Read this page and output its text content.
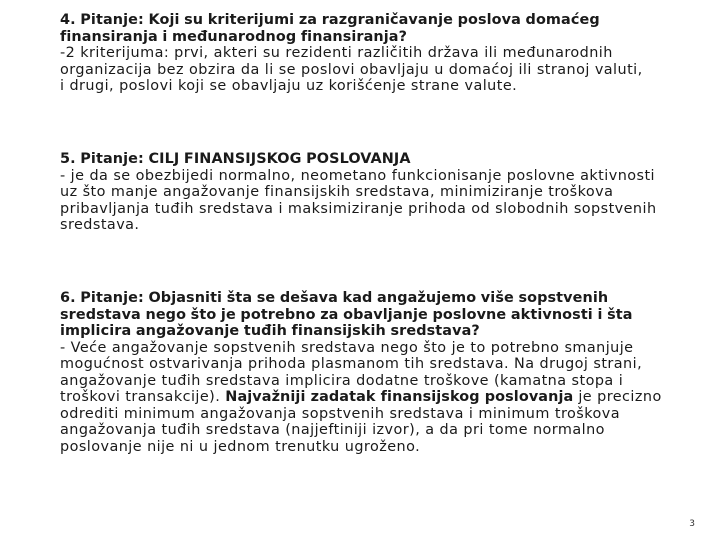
4. Pitanje: Koji su kriterijumi za razgraničavanje poslova domaćeg finansiranja i međunarodnog finansiranja?
-2 kriterijuma: prvi, akteri su rezidenti različitih država ili međunarodnih organizacija bez obzira da li se poslovi obavljaju u domaćoj ili stranoj valuti,
i drugi, poslovi koji se obavljaju uz korišćenje strane valute.
5. Pitanje: CILJ FINANSIJSKOG POSLOVANJA
- je da se obezbijedi normalno, neometano funkcionisanje poslovne aktivnosti uz što manje angažovanje finansijskih sredstava, minimiziranje troškova pribavljanja tuđih sredstava i maksimiziranje prihoda od slobodnih sopstvenih sredstava.
6. Pitanje: Objasniti šta se dešava kad angažujemo više sopstvenih sredstava nego što je potrebno za obavljanje poslovne aktivnosti i šta implicira angažovanje tuđih finansijskih sredstava?
- Veće angažovanje sopstvenih sredstava nego što je to potrebno smanjuje mogućnost ostvarivanja prihoda plasmanom tih sredstava. Na drugoj strani, angažovanje tuđih sredstava implicira dodatne troškove (kamatna stopa i troškovi transakcije). Najvažniji zadatak finansijskog poslovanja je precizno odrediti minimum angažovanja sopstvenih sredstava i minimum troškova angažovanja tuđih sredstava (najjeftiniji izvor), a da pri tome normalno poslovanje nije ni u jednom trenutku ugroženo.
3
